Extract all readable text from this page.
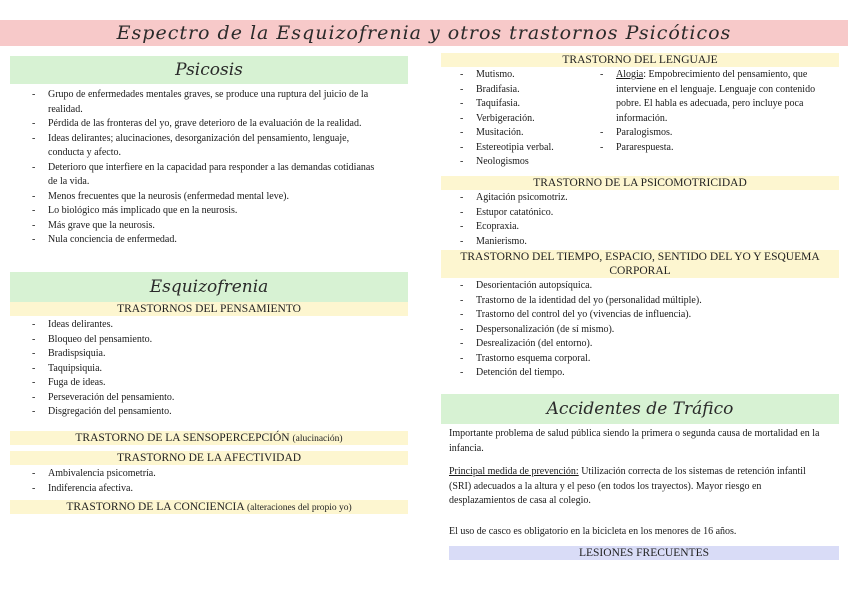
Espectro de la Esquizofrenia y otros trastornos Psicóticos
Psicosis
- Grupo de enfermedades mentales graves, se produce una ruptura del juicio de la realidad.
- Pérdida de las fronteras del yo, grave deterioro de la evaluación de la realidad.
- Ideas delirantes; alucinaciones, desorganización del pensamiento, lenguaje, conducta y afecto.
- Deterioro que interfiere en la capacidad para responder a las demandas cotidianas de la vida.
- Menos frecuentes que la neurosis (enfermedad mental leve).
- Lo biológico más implicado que en la neurosis.
- Más grave que la neurosis.
- Nula conciencia de enfermedad.
Esquizofrenia
TRASTORNOS DEL PENSAMIENTO
- Ideas delirantes.
- Bloqueo del pensamiento.
- Bradispsiquia.
- Taquipsiquia.
- Fuga de ideas.
- Perseveración del pensamiento.
- Disgregación del pensamiento.
TRASTORNO DE LA SENSOPERCEPCIÓN (alucinación)
TRASTORNO DE LA AFECTIVIDAD
- Ambivalencia psicometría.
- Indiferencia afectiva.
TRASTORNO DE LA CONCIENCIA (alteraciones del propio yo)
TRASTORNO DEL LENGUAJE
- Mutismo.
- Bradifasia.
- Taquifasia.
- Verbigeración.
- Musitación.
- Estereotipia verbal.
- Neologismos
- Alogia: Empobrecimiento del pensamiento, que interviene en el lenguaje. Lenguaje con contenido pobre. El habla es adecuada, pero incluye poca información.
- Paralogismos.
- Pararespuesta.
TRASTORNO DE LA PSICOMOTRICIDAD
- Agitación psicomotriz.
- Estupor catatónico.
- Ecopraxia.
- Manierismo.
TRASTORNO DEL TIEMPO, ESPACIO, SENTIDO DEL YO Y ESQUEMA CORPORAL
- Desorientación autopsíquica.
- Trastorno de la identidad del yo (personalidad múltiple).
- Trastorno del control del yo (vivencias de influencia).
- Despersonalización (de sí mismo).
- Desrealización (del entorno).
- Trastorno esquema corporal.
- Detención del tiempo.
Accidentes de Tráfico

Importante problema de salud pública siendo la primera o segunda causa de mortalidad en la infancia.

Principal medida de prevención: Utilización correcta de los sistemas de retención infantil (SRI) adecuados a la altura y el peso (en todos los trayectos). Mayor riesgo en desplazamientos de casa al colegio.

El uso de casco es obligatorio en la bicicleta en los menores de 16 años.

LESIONES FRECUENTES
